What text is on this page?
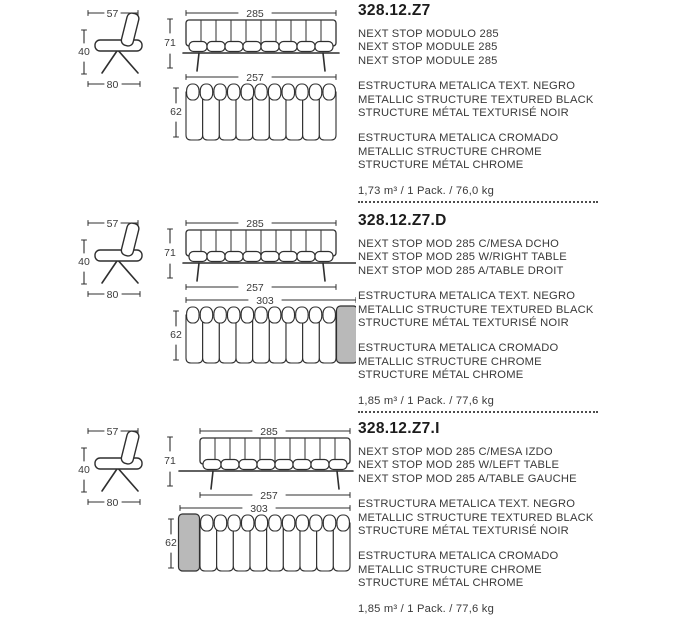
57
40
80
71
285
257
62
328.12.Z7
NEXT STOP MODULO 285
NEXT STOP MODULE 285
NEXT STOP MODULE 285
ESTRUCTURA METALICA TEXT. NEGRO
METALLIC STRUCTURE TEXTURED BLACK
STRUCTURE MÉTAL TEXTURISÉ NOIR
ESTRUCTURA METALICA CROMADO
METALLIC STRUCTURE CHROME
STRUCTURE MÉTAL CHROME
1,73 m³ / 1 Pack. / 76,0 kg
57
40
80
71
285
257
303
62
328.12.Z7.D
NEXT STOP MOD 285 C/MESA DCHO
NEXT STOP MOD 285 W/RIGHT TABLE
NEXT STOP MOD 285 A/TABLE DROIT
ESTRUCTURA METALICA TEXT. NEGRO
METALLIC STRUCTURE TEXTURED BLACK
STRUCTURE MÉTAL TEXTURISÉ NOIR
ESTRUCTURA METALICA CROMADO
METALLIC STRUCTURE CHROME
STRUCTURE MÉTAL CHROME
1,85 m³ / 1 Pack. / 77,6 kg
57
40
80
71
285
257
303
62
328.12.Z7.I
NEXT STOP MOD 285 C/MESA IZDO
NEXT STOP MOD 285 W/LEFT TABLE
NEXT STOP MOD 285 A/TABLE GAUCHE
ESTRUCTURA METALICA TEXT. NEGRO
METALLIC STRUCTURE TEXTURED BLACK
STRUCTURE MÉTAL TEXTURISÉ NOIR
ESTRUCTURA METALICA CROMADO
METALLIC STRUCTURE CHROME
STRUCTURE MÉTAL CHROME
1,85 m³ / 1 Pack. / 77,6 kg
